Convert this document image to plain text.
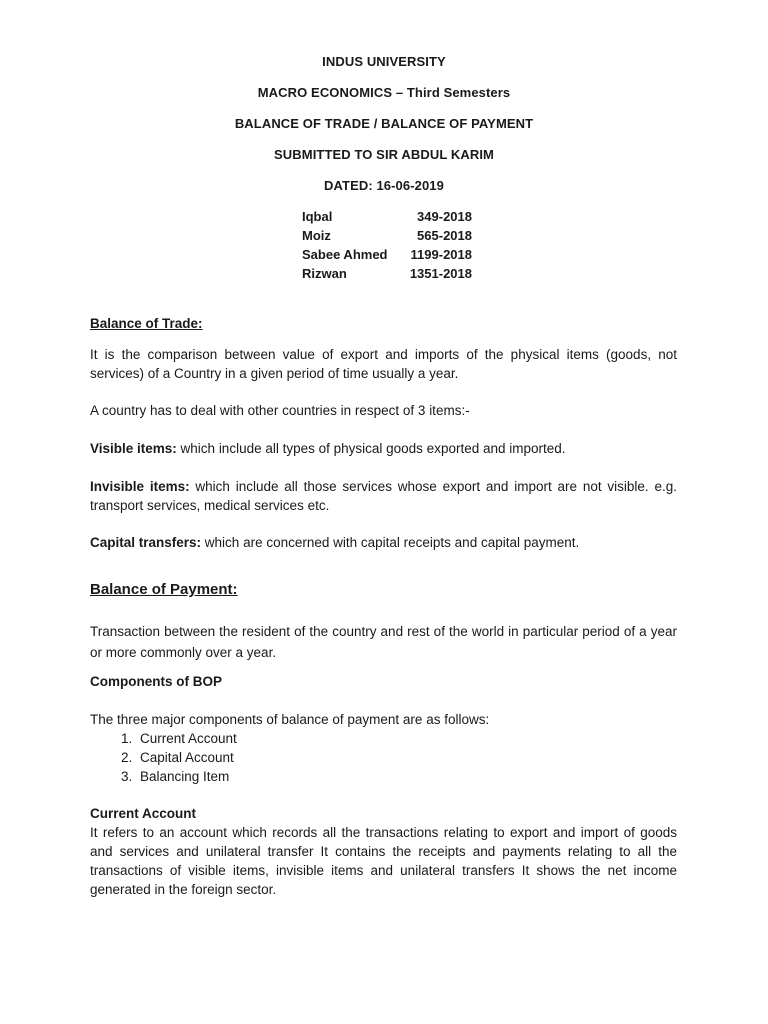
INDUS UNIVERSITY
MACRO ECONOMICS – Third Semesters
BALANCE OF TRADE / BALANCE OF PAYMENT
SUBMITTED TO SIR ABDUL KARIM
DATED: 16-06-2019
Iqbal	349-2018
Moiz	565-2018
Sabee Ahmed	1199-2018
Rizwan	1351-2018
Balance of Trade:
It is the comparison between value of export and imports of the physical items (goods, not services) of a Country in a given period of time usually a year.
A country has to deal with other countries in respect of 3 items:-
Visible items: which include all types of physical goods exported and imported.
Invisible items: which include all those services whose export and import are not visible. e.g. transport services, medical services etc.
Capital transfers: which are concerned with capital receipts and capital payment.
Balance of Payment:
Transaction between the resident of the country and rest of the world in particular period of a year or more commonly over a year.
Components of BOP
The three major components of balance of payment are as follows:
1. Current Account
2. Capital Account
3. Balancing Item
Current Account
It refers to an account which records all the transactions relating to export and import of goods and services and unilateral transfer It contains the receipts and payments relating to all the transactions of visible items, invisible items and unilateral transfers It shows the net income generated in the foreign sector.
